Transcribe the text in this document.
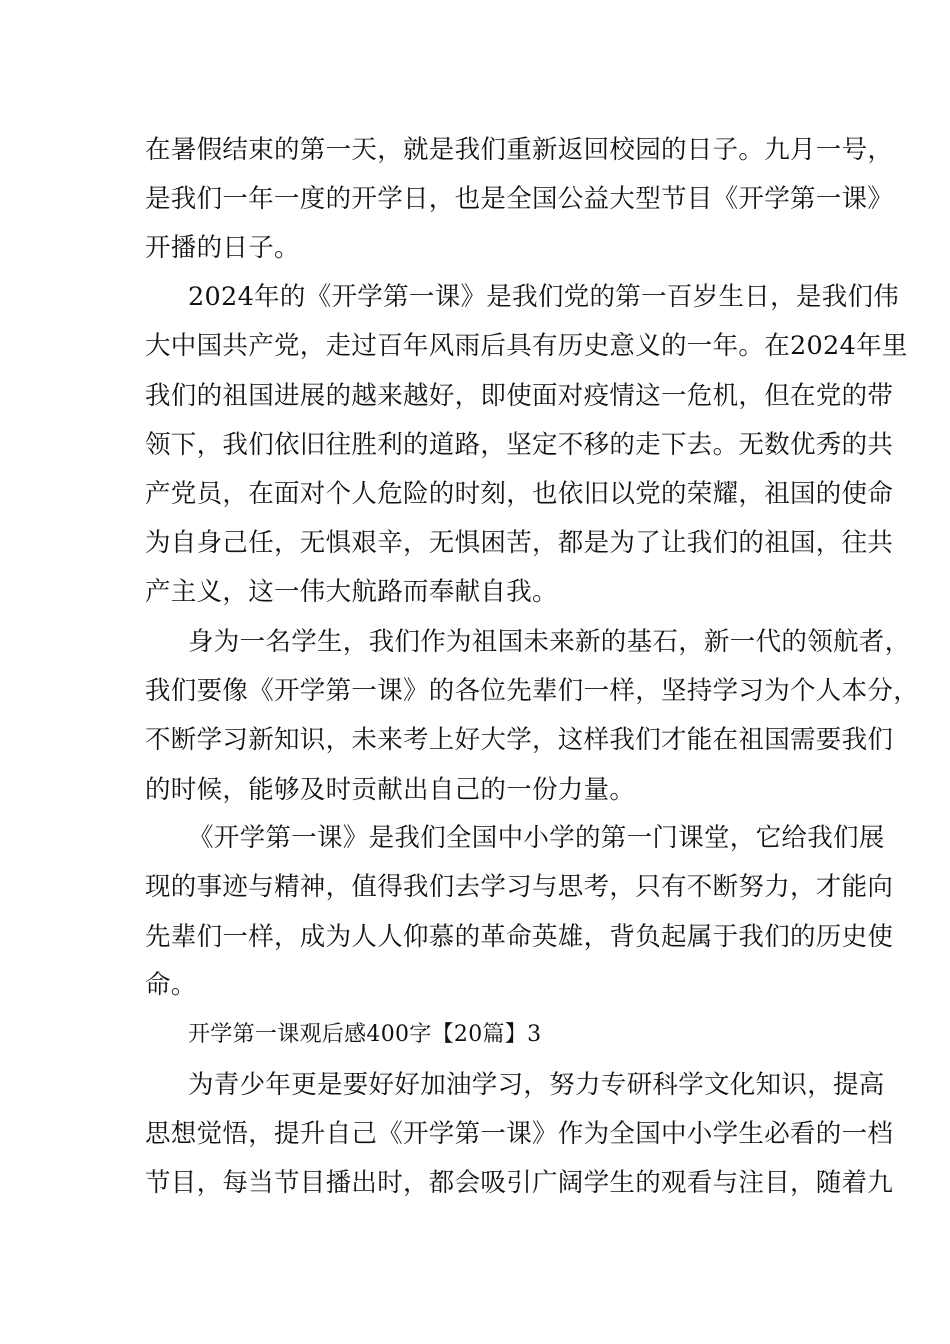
在暑假结束的第一天，就是我们重新返回校园的日子。九月一号，
是我们一年一度的开学日，也是全国公益大型节目《开学第一课》
开播的日子。
2024年的《开学第一课》是我们党的第一百岁生日，是我们伟
大中国共产党，走过百年风雨后具有历史意义的一年。在2024年里
我们的祖国进展的越来越好，即使面对疫情这一危机，但在党的带
领下，我们依旧往胜利的道路，坚定不移的走下去。无数优秀的共
产党员，在面对个人危险的时刻，也依旧以党的荣耀，祖国的使命
为自身己任，无惧艰辛，无惧困苦，都是为了让我们的祖国，往共
产主义，这一伟大航路而奉献自我。
身为一名学生，我们作为祖国未来新的基石，新一代的领航者，
我们要像《开学第一课》的各位先辈们一样，坚持学习为个人本分，
不断学习新知识，未来考上好大学，这样我们才能在祖国需要我们
的时候，能够及时贡献出自己的一份力量。
《开学第一课》是我们全国中小学的第一门课堂，它给我们展
现的事迹与精神，值得我们去学习与思考，只有不断努力，才能向
先辈们一样，成为人人仰慕的革命英雄，背负起属于我们的历史使
命。
开学第一课观后感400字【20篇】3
为青少年更是要好好加油学习，努力专研科学文化知识，提高
思想觉悟，提升自己《开学第一课》作为全国中小学生必看的一档
节目，每当节目播出时，都会吸引广阔学生的观看与注目，随着九
